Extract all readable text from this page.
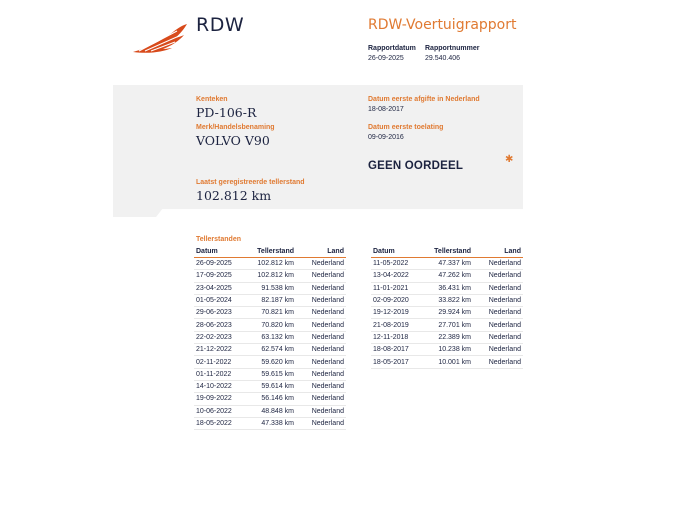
RDW	RDW-Voertuigrapport
Rapportdatum
26-09-2025
Rapportnummer
29.540.406
Kenteken
PD-106-R
Merk/Handelsbenaming
VOLVO V90
Laatst geregistreerde tellerstand
102.812 km
Datum eerste afgifte in Nederland
18-08-2017
Datum eerste toelating
09-09-2016
GEEN OORDEEL
✱
Tellerstanden
Datum	Tellerstand	Land
26-09-2025	102.812 km	Nederland
17-09-2025	102.812 km	Nederland
23-04-2025	91.538 km	Nederland
01-05-2024	82.187 km	Nederland
29-06-2023	70.821 km	Nederland
28-06-2023	70.820 km	Nederland
22-02-2023	63.132 km	Nederland
21-12-2022	62.574 km	Nederland
02-11-2022	59.620 km	Nederland
01-11-2022	59.615 km	Nederland
14-10-2022	59.614 km	Nederland
19-09-2022	56.146 km	Nederland
10-06-2022	48.848 km	Nederland
18-05-2022	47.338 km	Nederland
Datum	Tellerstand	Land
11-05-2022	47.337 km	Nederland
13-04-2022	47.262 km	Nederland
11-01-2021	36.431 km	Nederland
02-09-2020	33.822 km	Nederland
19-12-2019	29.924 km	Nederland
21-08-2019	27.701 km	Nederland
12-11-2018	22.389 km	Nederland
18-08-2017	10.238 km	Nederland
18-05-2017	10.001 km	Nederland
